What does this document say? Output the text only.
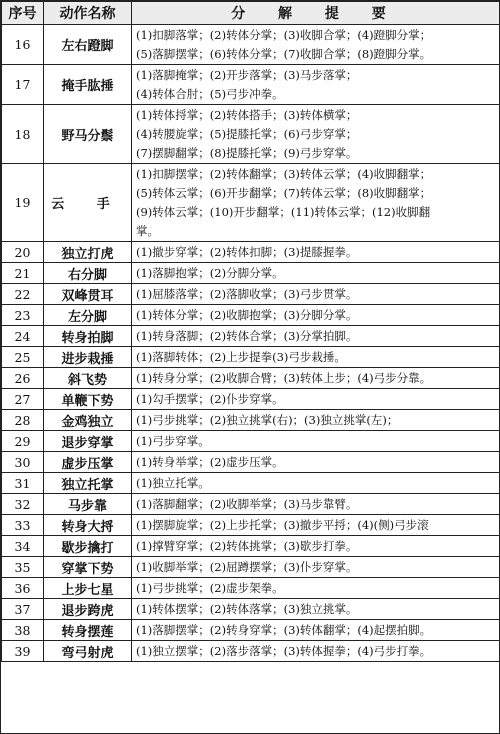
序号	动作名称	分 解 提 要
16	左右蹬脚	(1)扣脚落掌；(2)转体分掌；(3)收脚合掌；(4)蹬脚分掌；
(5)落脚摆掌；(6)转体分掌；(7)收脚合掌；(8)蹬脚分掌。

17	掩手肱捶	(1)落脚掩掌；(2)开步落掌；(3)马步落掌；
(4)转体合肘；(5)弓步冲拳。

18	野马分鬃	(1)转体捋掌；(2)转体搭手；(3)转体横掌；
(4)转腰旋掌；(5)提膝托掌；(6)弓步穿掌；
(7)摆脚翻掌；(8)提膝托掌；(9)弓步穿掌。

19	云 手	(1)扣脚摆掌；(2)转体翻掌；(3)转体云掌；(4)收脚翻掌；
(5)转体云掌；(6)开步翻掌；(7)转体云掌；(8)收脚翻掌；
(9)转体云掌；(10)开步翻掌；(11)转体云掌；(12)收脚翻
掌。

20	独立打虎	(1)撤步穿掌；(2)转体扣脚；(3)提膝握拳。

21	右分脚	(1)落脚抱掌；(2)分脚分掌。

22	双峰贯耳	(1)屈膝落掌；(2)落脚收掌；(3)弓步贯掌。

23	左分脚	(1)转体分掌；(2)收脚抱掌；(3)分脚分掌。

24	转身拍脚	(1)转身落脚；(2)转体合掌；(3)分掌拍脚。

25	进步栽捶	(1)落脚转体；(2)上步提拳(3)弓步栽捶。

26	斜飞势	(1)转身分掌；(2)收脚合臂；(3)转体上步；(4)弓步分靠。

27	单鞭下势	(1)勾手摆掌；(2)仆步穿掌。

28	金鸡独立	(1)弓步挑掌；(2)独立挑掌(右)；(3)独立挑掌(左)；

29	退步穿掌	(1)弓步穿掌。

30	虚步压掌	(1)转身举掌；(2)虚步压掌。

31	独立托掌	(1)独立托掌。

32	马步靠	(1)落脚翻掌；(2)收脚举掌；(3)马步靠臂。

33	转身大捋	(1)摆脚旋掌；(2)上步托掌；(3)撤步平捋；(4)(侧)弓步滚

34	歇步擒打	(1)撑臂穿掌；(2)转体挑掌；(3)歇步打拳。

35	穿掌下势	(1)收脚举掌；(2)屈蹲摆掌；(3)仆步穿掌。

36	上步七星	(1)弓步挑掌；(2)虚步架拳。

37	退步跨虎	(1)转体摆掌；(2)转体落掌；(3)独立挑掌。

38	转身摆莲	(1)落脚摆掌；(2)转身穿掌；(3)转体翻掌；(4)起摆拍脚。

39	弯弓射虎	(1)独立摆掌；(2)落步落掌；(3)转体握拳；(4)弓步打拳。
